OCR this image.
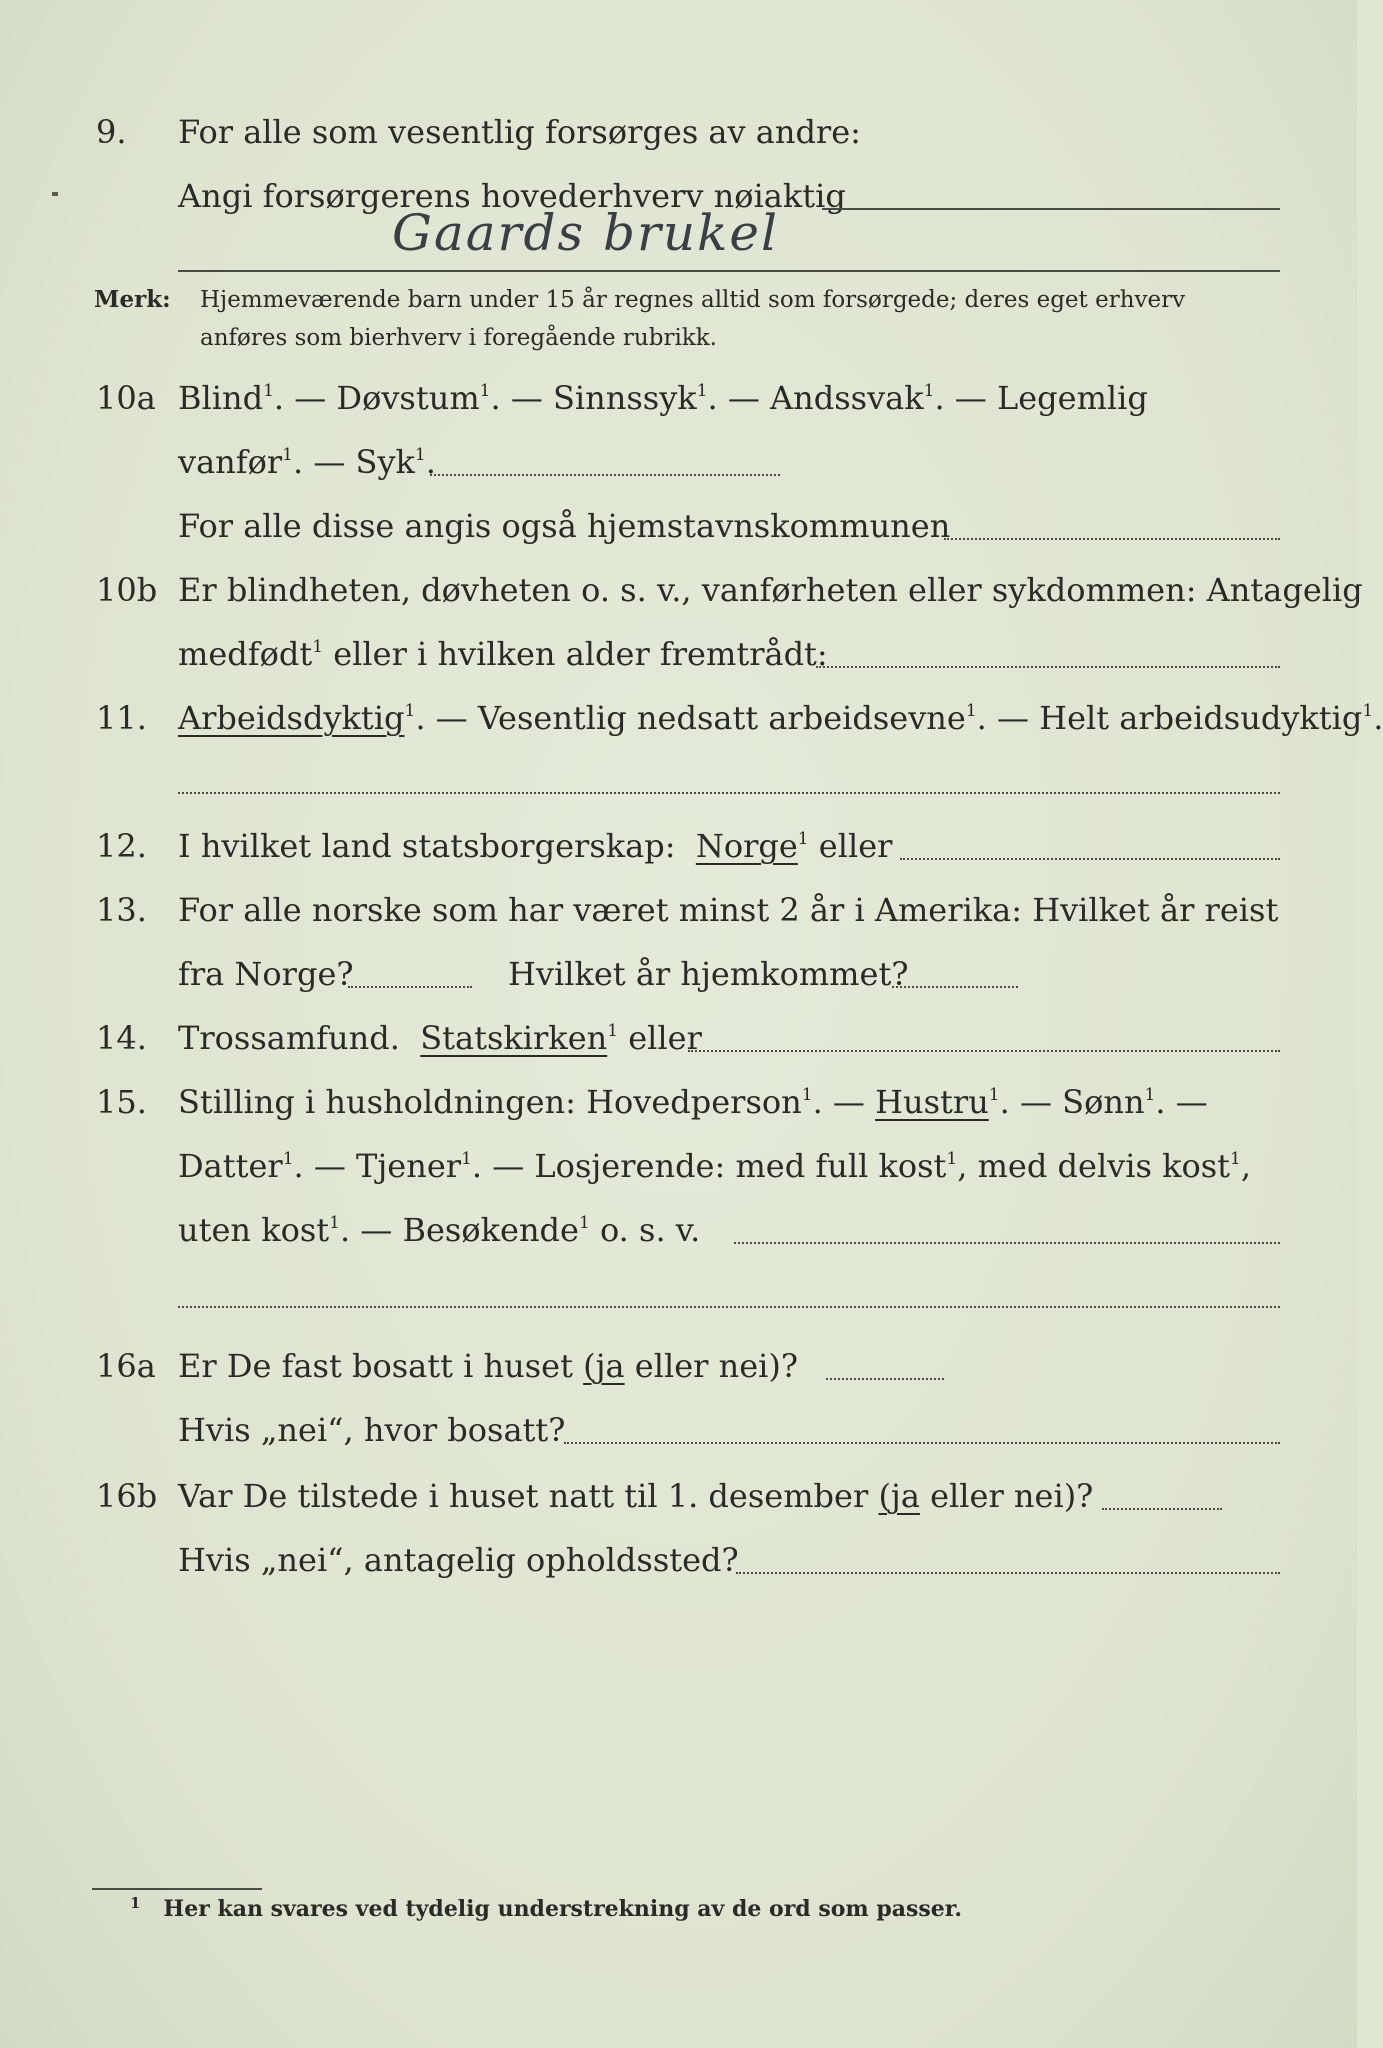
9. For alle som vesentlig forsørges av andre:
Angi forsørgerens hovederhverv nøiaktig
Gaards brukel
Merk: Hjemmeværende barn under 15 år regnes alltid som forsørgede; deres eget erhverv
anføres som bierhverv i foregående rubrikk.
10a Blind$^1$. — Døvstum$^1$. — Sinnssyk$^1$. — Andssvak$^1$. — Legemlig
vanfør$^1$. — Syk$^1$.
For alle disse angis også hjemstavnskommunen
10b Er blindheten, døvheten o. s. v., vanførheten eller sykdommen: Antagelig
medfødt$^1$ eller i hvilken alder fremtrådt:
11. Arbeidsdyktig$^1$. — Vesentlig nedsatt arbeidsevne$^1$. — Helt arbeidsudyktig$^1$.
12. I hvilket land statsborgerskap: Norge$^1$ eller
13. For alle norske som har været minst 2 år i Amerika: Hvilket år reist
fra Norge?	Hvilket år hjemkommet?
14. Trossamfund. Statskirken$^1$ eller
15. Stilling i husholdningen: Hovedperson$^1$. — Hustru$^1$. — Sønn$^1$. —
Datter$^1$. — Tjener$^1$. — Losjerende: med full kost$^1$, med delvis kost$^1$,
uten kost$^1$. — Besøkende$^1$ o. s. v.
16a Er De fast bosatt i huset (ja eller nei)?
Hvis „nei“, hvor bosatt?
16b Var De tilstede i huset natt til 1. desember (ja eller nei)?
Hvis „nei“, antagelig opholdssted?
$^1$ Her kan svares ved tydelig understrekning av de ord som passer.
